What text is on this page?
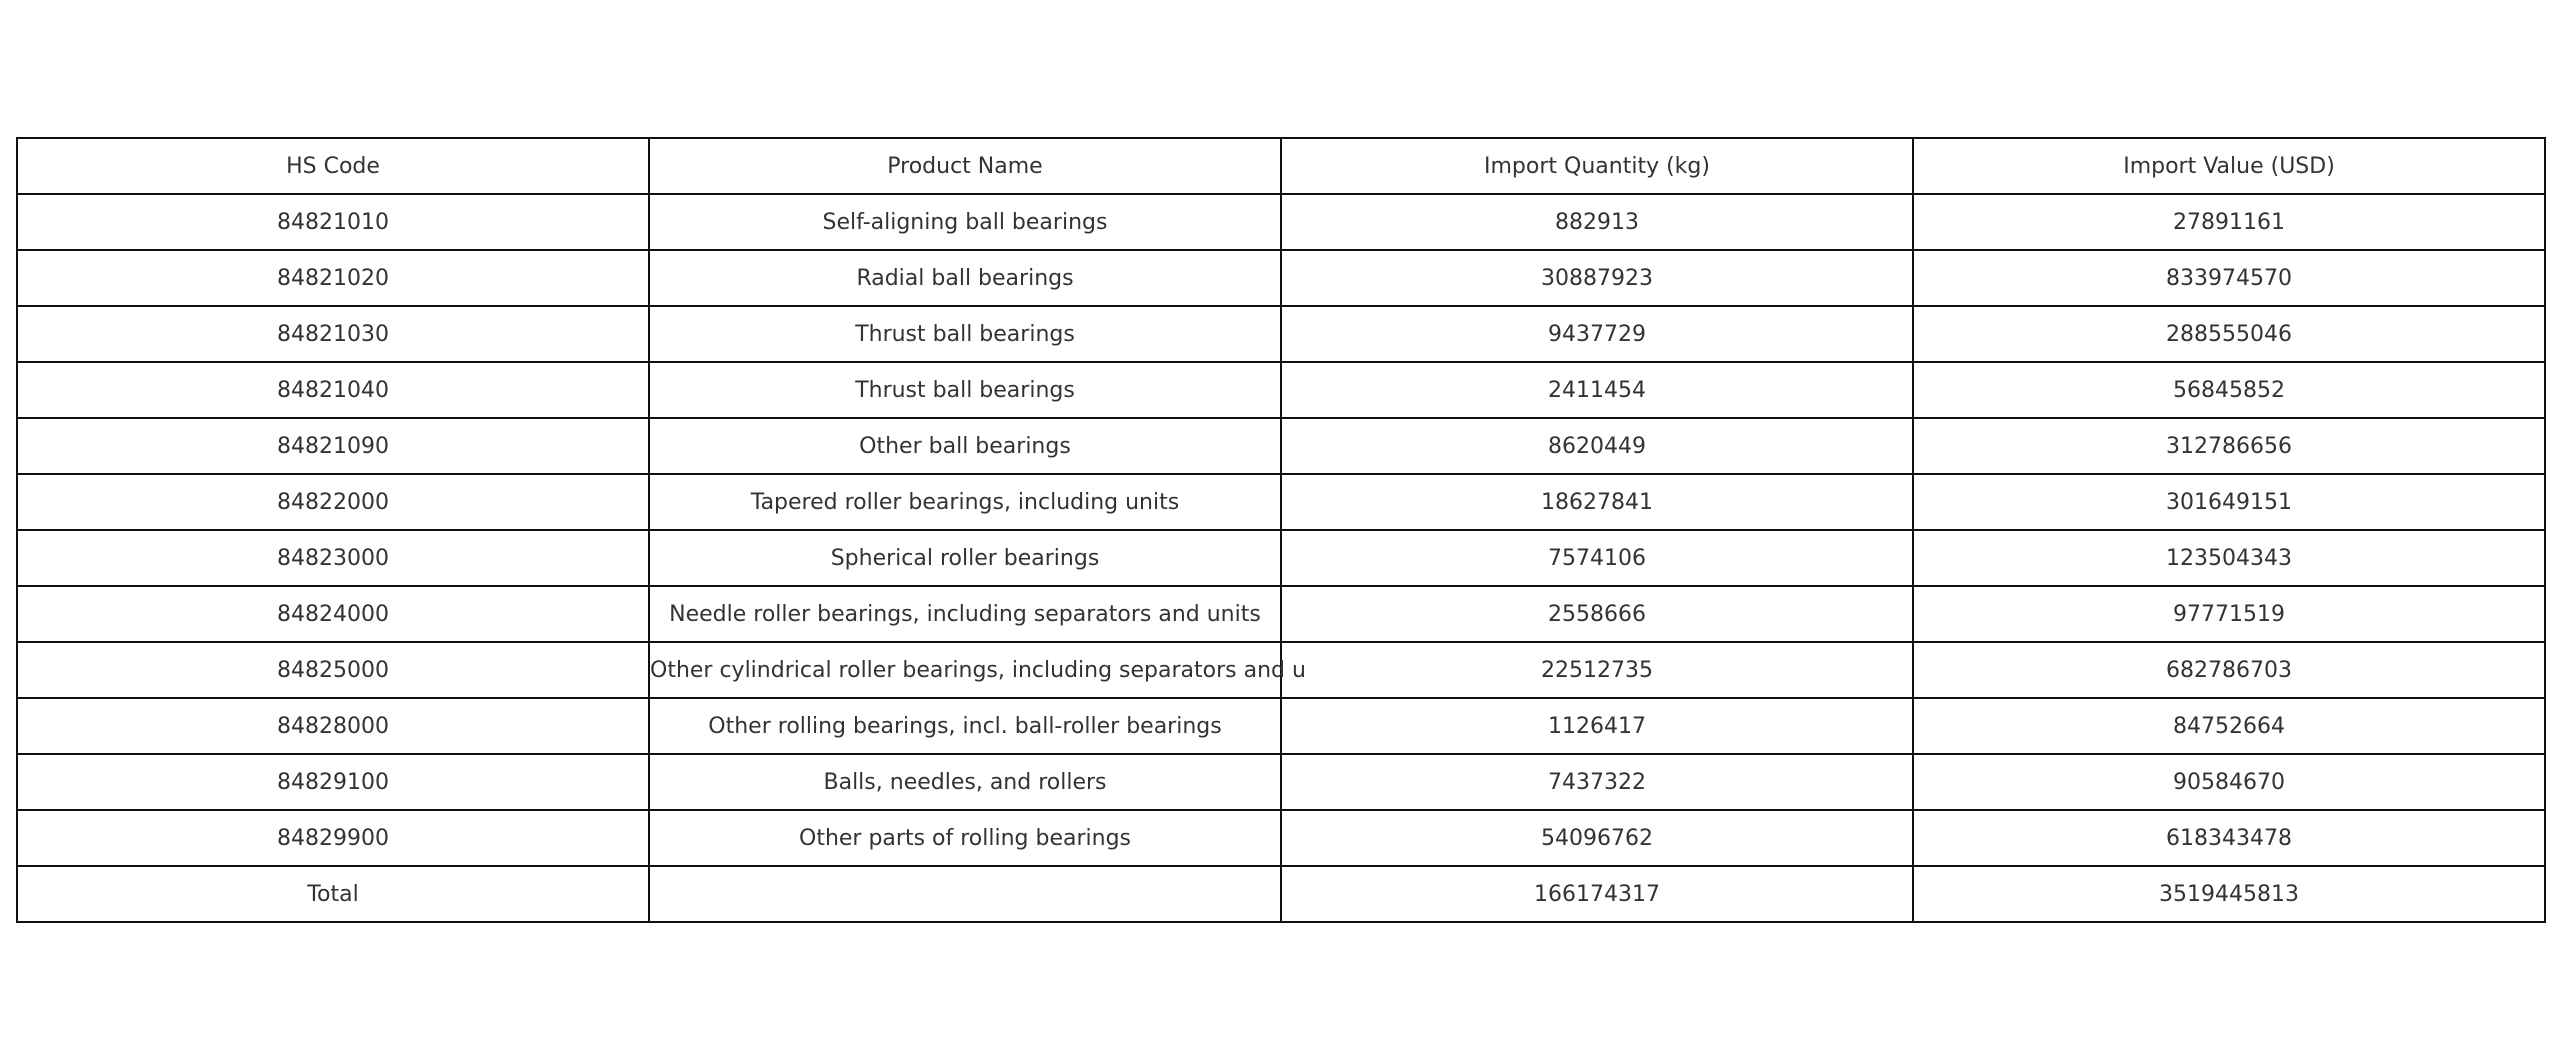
HS Code	Product Name	Import Quantity (kg)	Import Value (USD)
84821010	Self-aligning ball bearings	882913	27891161
84821020	Radial ball bearings	30887923	833974570
84821030	Thrust ball bearings	9437729	288555046
84821040	Thrust ball bearings	2411454	56845852
84821090	Other ball bearings	8620449	312786656
84822000	Tapered roller bearings, including units	18627841	301649151
84823000	Spherical roller bearings	7574106	123504343
84824000	Needle roller bearings, including separators and units	2558666	97771519
84825000	Other cylindrical roller bearings, including separators and u	22512735	682786703
84828000	Other rolling bearings, incl. ball-roller bearings	1126417	84752664
84829100	Balls, needles, and rollers	7437322	90584670
84829900	Other parts of rolling bearings	54096762	618343478
Total		166174317	3519445813
